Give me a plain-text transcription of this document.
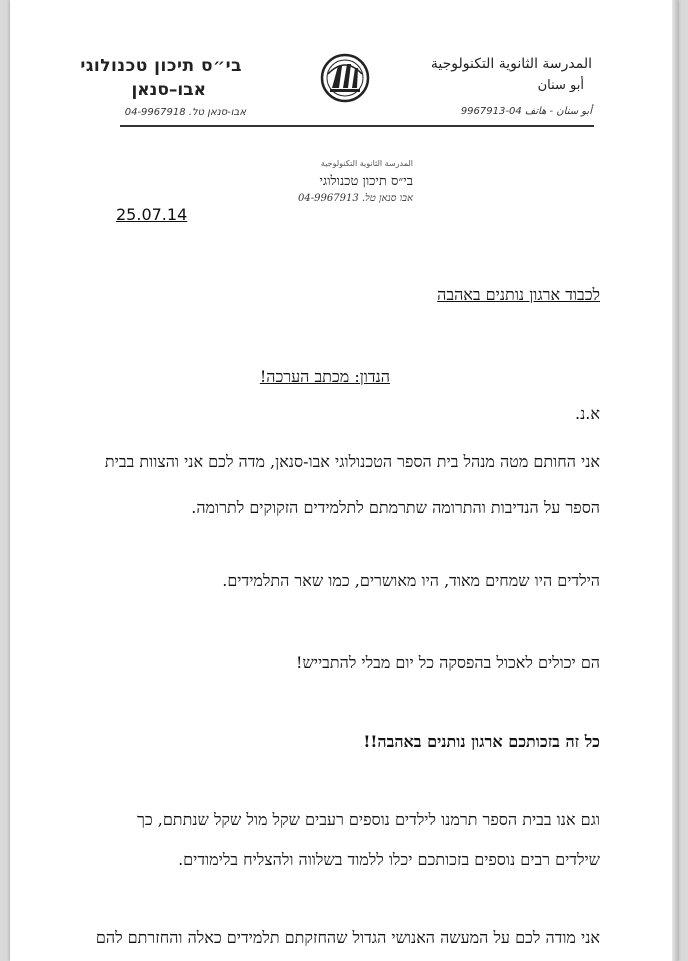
בי״ס תיכון טכנולוגי
אבו–סנאן
אבו-סנאן טל. 04-9967918
المدرسة الثانوية التكنولوجية
أبو سنان
أبو سنان - هاتف 04-9967913
المدرسة الثانوية التكنولوجية
בי״ס תיכון טכנולוגי
אבו סנאן טל. 04-9967913
25.07.14
לכבוד ארגון נותנים באהבה
הנדון: מכתב הערכה!
א.נ.
אני החותם מטה מנהל בית הספר הטכנולוגי אבו-סנאן, מדה לכם אני והצוות בבית
הספר על הנדיבות והתרומה שתרמתם לתלמידים הזקוקים לתרומה.
הילדים היו שמחים מאוד, היו מאושרים, כמו שאר התלמידים.
הם יכולים לאכול בהפסקה כל יום מבלי להתבייש!
כל זה בזכותכם ארגון נותנים באהבה!!
וגם אנו בבית הספר תרמנו לילדים נוספים רעבים שקל מול שקל שנתתם, כך
שילדים רבים נוספים בזכותכם יכלו ללמוד בשלווה ולהצליח בלימודים.
אני מודה לכם על המעשה האנושי הגדול שהחזקתם תלמידים כאלה והחזרתם להם
